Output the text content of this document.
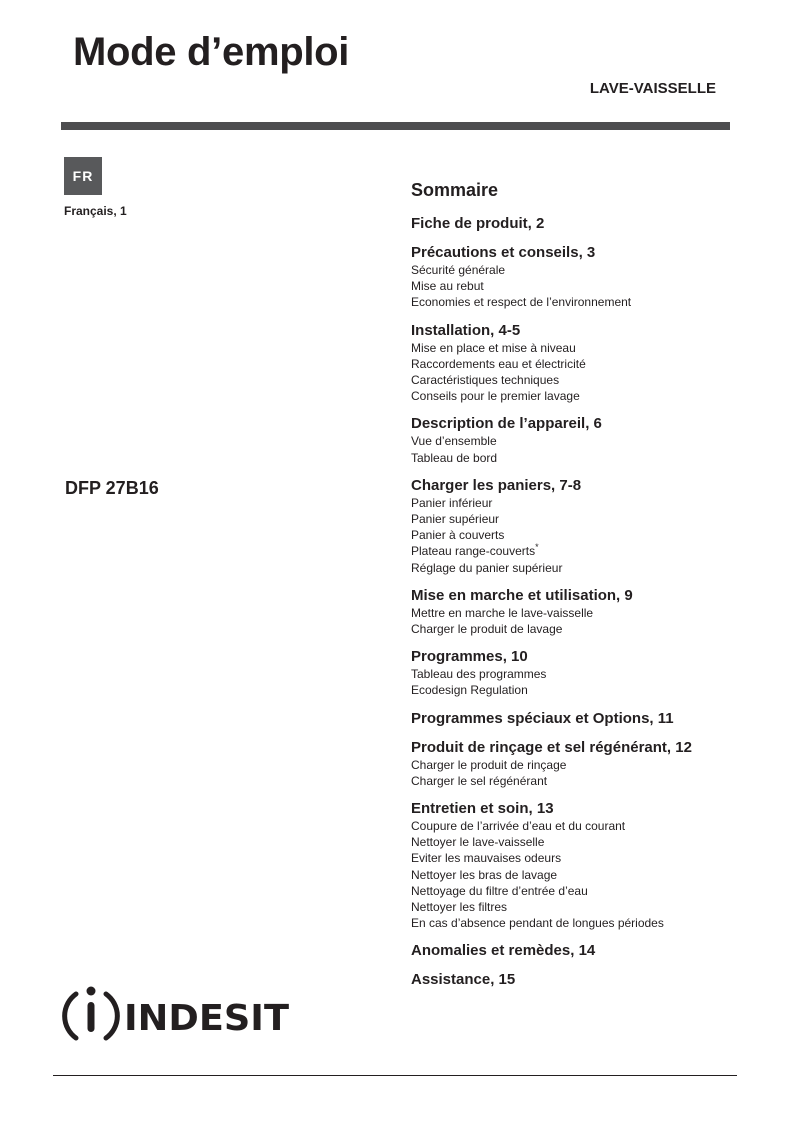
Mode d’emploi
LAVE-VAISSELLE
FR
Français, 1
DFP 27B16
INDESIT
Sommaire
Fiche de produit, 2
Précautions et conseils, 3
Sécurité générale
Mise au rebut
Economies et respect de l’environnement
Installation, 4-5
Mise en place et mise à niveau
Raccordements eau et électricité
Caractéristiques techniques
Conseils pour le premier lavage
Description de l’appareil, 6
Vue d’ensemble
Tableau de bord
Charger les paniers, 7-8
Panier inférieur
Panier supérieur
Panier à couverts
Plateau range-couverts*
Réglage du panier supérieur
Mise en marche et utilisation, 9
Mettre en marche le lave-vaisselle
Charger le produit de lavage
Programmes, 10
Tableau des programmes
Ecodesign Regulation
Programmes spéciaux et Options, 11
Produit de rinçage et sel régénérant, 12
Charger le produit de rinçage
Charger le sel régénérant
Entretien et soin, 13
Coupure de l’arrivée d’eau et du courant
Nettoyer le lave-vaisselle
Eviter les mauvaises odeurs
Nettoyer les bras de lavage
Nettoyage du filtre d’entrée d’eau
Nettoyer les filtres
En cas d’absence pendant de longues périodes
Anomalies et remèdes, 14
Assistance, 15
